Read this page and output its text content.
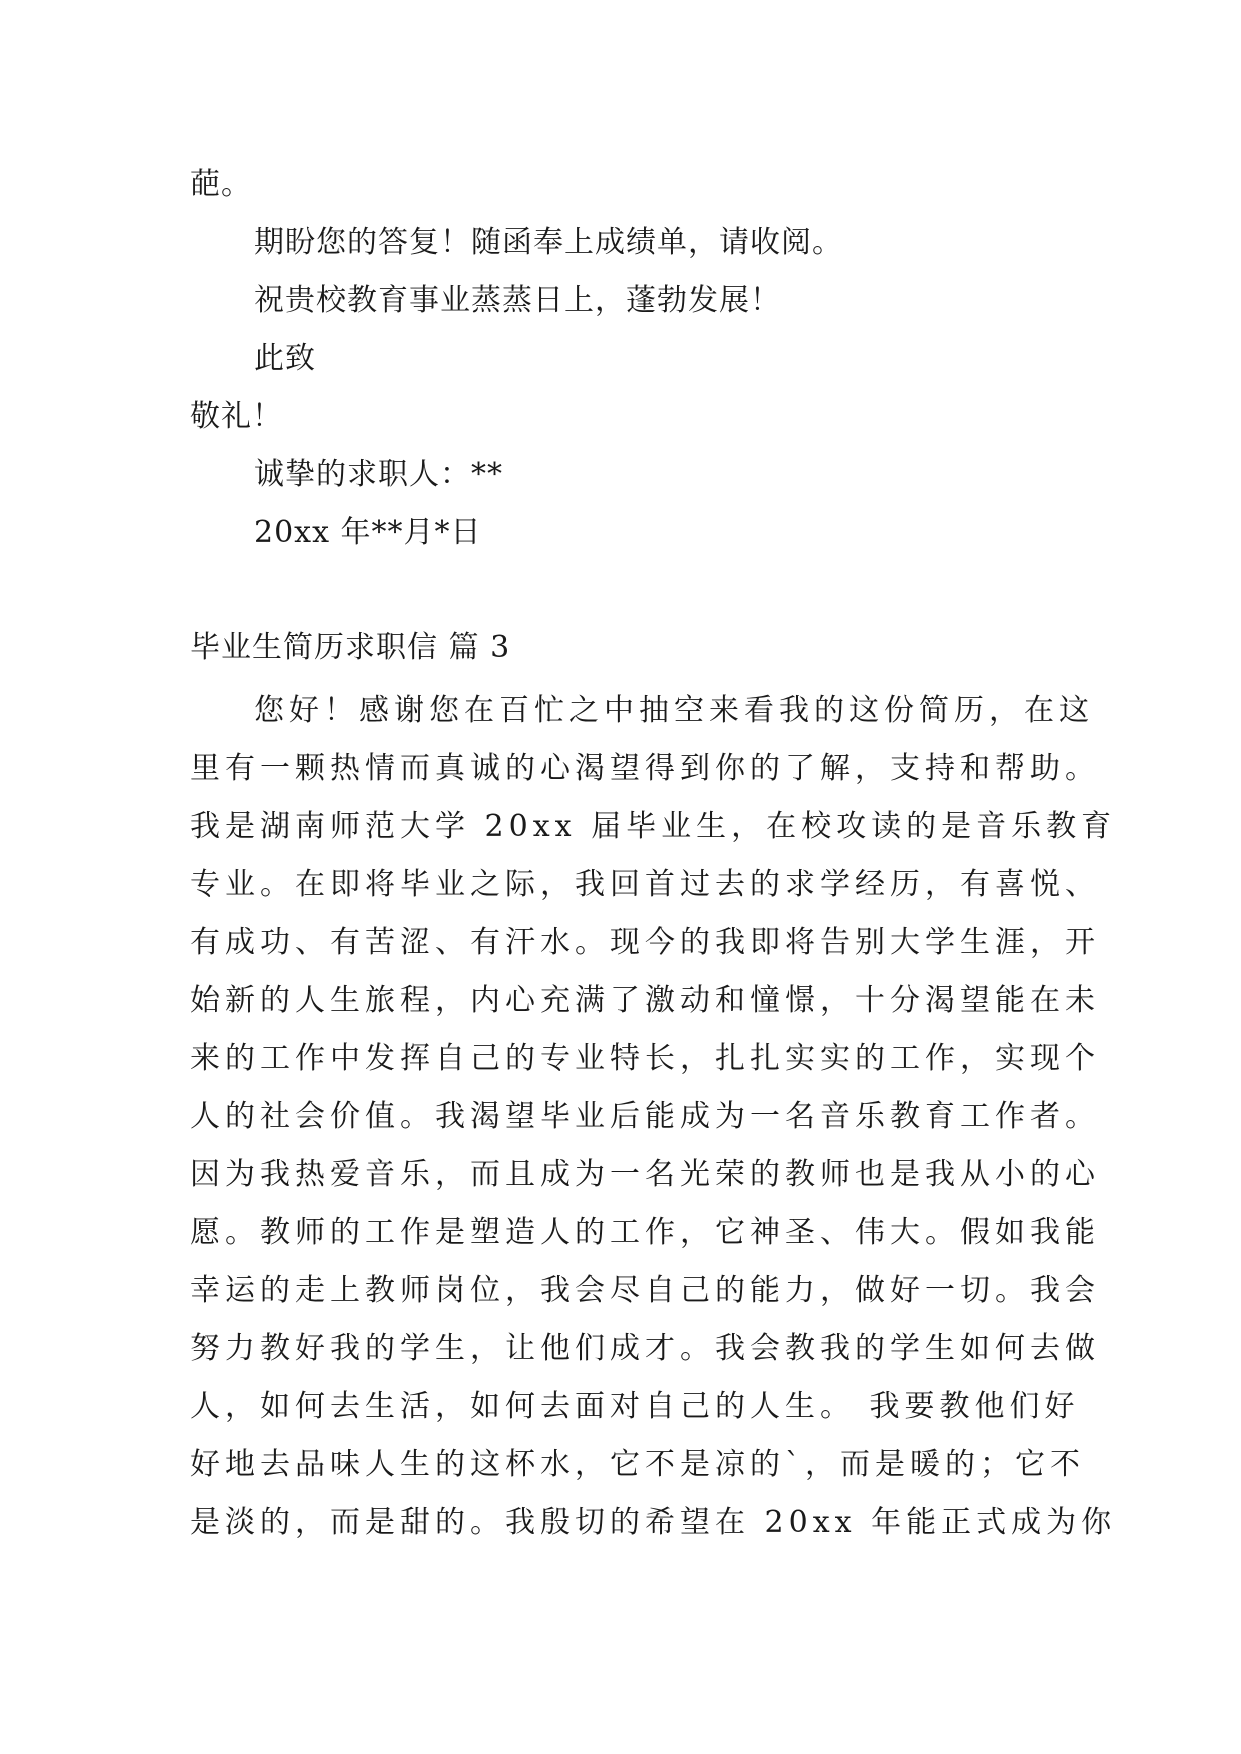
葩。
期盼您的答复！随函奉上成绩单，请收阅。
祝贵校教育事业蒸蒸日上，蓬勃发展！
此致
敬礼！
诚挚的求职人：**
20xx 年**月*日
毕业生简历求职信 篇 3
您好！感谢您在百忙之中抽空来看我的这份简历，在这
里有一颗热情而真诚的心渴望得到你的了解，支持和帮助。
我是湖南师范大学 20xx 届毕业生，在校攻读的是音乐教育
专业。在即将毕业之际，我回首过去的求学经历，有喜悦、
有成功、有苦涩、有汗水。现今的我即将告别大学生涯，开
始新的人生旅程，内心充满了激动和憧憬，十分渴望能在未
来的工作中发挥自己的专业特长，扎扎实实的工作，实现个
人的社会价值。我渴望毕业后能成为一名音乐教育工作者。
因为我热爱音乐，而且成为一名光荣的教师也是我从小的心
愿。教师的工作是塑造人的工作，它神圣、伟大。假如我能
幸运的走上教师岗位，我会尽自己的能力，做好一切。我会
努力教好我的学生，让他们成才。我会教我的学生如何去做
人，如何去生活，如何去面对自己的人生。 我要教他们好
好地去品味人生的这杯水，它不是凉的`，而是暖的；它不
是淡的，而是甜的。我殷切的希望在 20xx 年能正式成为你
